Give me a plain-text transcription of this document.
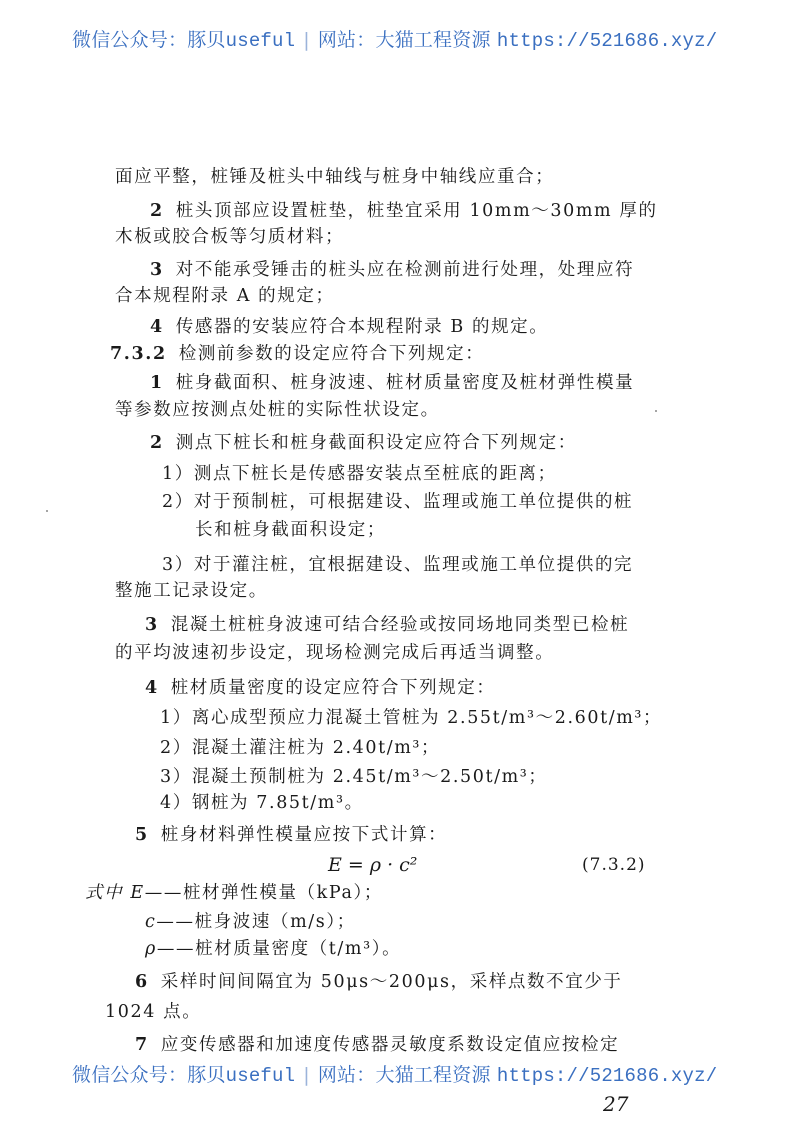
微信公众号：豚贝useful | 网站：大猫工程资源 https://521686.xyz/
面应平整，桩锤及桩头中轴线与桩身中轴线应重合；
2 桩头顶部应设置桩垫，桩垫宜采用 10mm～30mm 厚的
木板或胶合板等匀质材料；
3 对不能承受锤击的桩头应在检测前进行处理，处理应符
合本规程附录 A 的规定；
4 传感器的安装应符合本规程附录 B 的规定。
7.3.2 检测前参数的设定应符合下列规定：
1 桩身截面积、桩身波速、桩材质量密度及桩材弹性模量
等参数应按测点处桩的实际性状设定。
2 测点下桩长和桩身截面积设定应符合下列规定：
1）测点下桩长是传感器安装点至桩底的距离；
2）对于预制桩，可根据建设、监理或施工单位提供的桩
长和桩身截面积设定；
3）对于灌注桩，宜根据建设、监理或施工单位提供的完
整施工记录设定。
3 混凝土桩桩身波速可结合经验或按同场地同类型已检桩
的平均波速初步设定，现场检测完成后再适当调整。
4 桩材质量密度的设定应符合下列规定：
1）离心成型预应力混凝土管桩为 2.55t/m³～2.60t/m³；
2）混凝土灌注桩为 2.40t/m³；
3）混凝土预制桩为 2.45t/m³～2.50t/m³；
4）钢桩为 7.85t/m³。
5 桩身材料弹性模量应按下式计算：
式中 E——桩材弹性模量（kPa）；
c——桩身波速（m/s）；
ρ——桩材质量密度（t/m³）。
6 采样时间间隔宜为 50μs～200μs，采样点数不宜少于
1024 点。
7 应变传感器和加速度传感器灵敏度系数设定值应按检定
E = ρ · c²	(7.3.2)
微信公众号：豚贝useful | 网站：大猫工程资源 https://521686.xyz/
27
